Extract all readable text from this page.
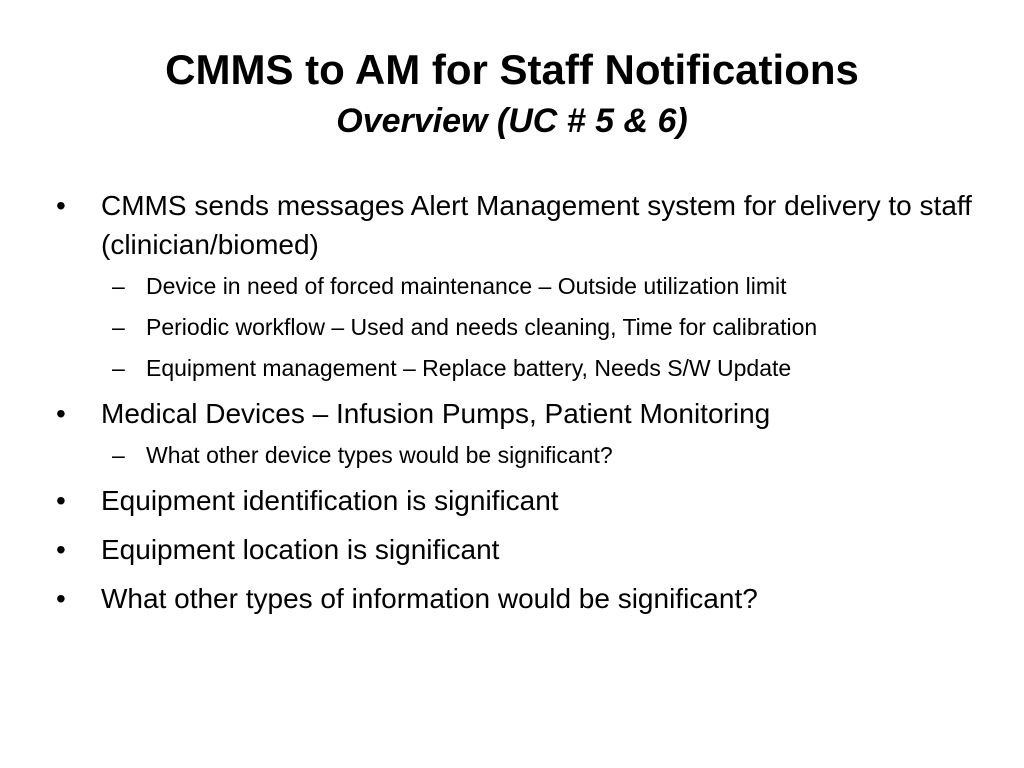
CMMS to AM for Staff Notifications
Overview (UC # 5 & 6)
•	CMMS sends messages Alert Management system for delivery to staff (clinician/biomed)
– Device in need of forced maintenance – Outside utilization limit
– Periodic workflow – Used and needs cleaning, Time for calibration
– Equipment management – Replace battery, Needs S/W Update
•	Medical Devices – Infusion Pumps, Patient Monitoring
– What other device types would be significant?
•	Equipment identification is significant
•	Equipment location is significant
•	What other types of information would be significant?
